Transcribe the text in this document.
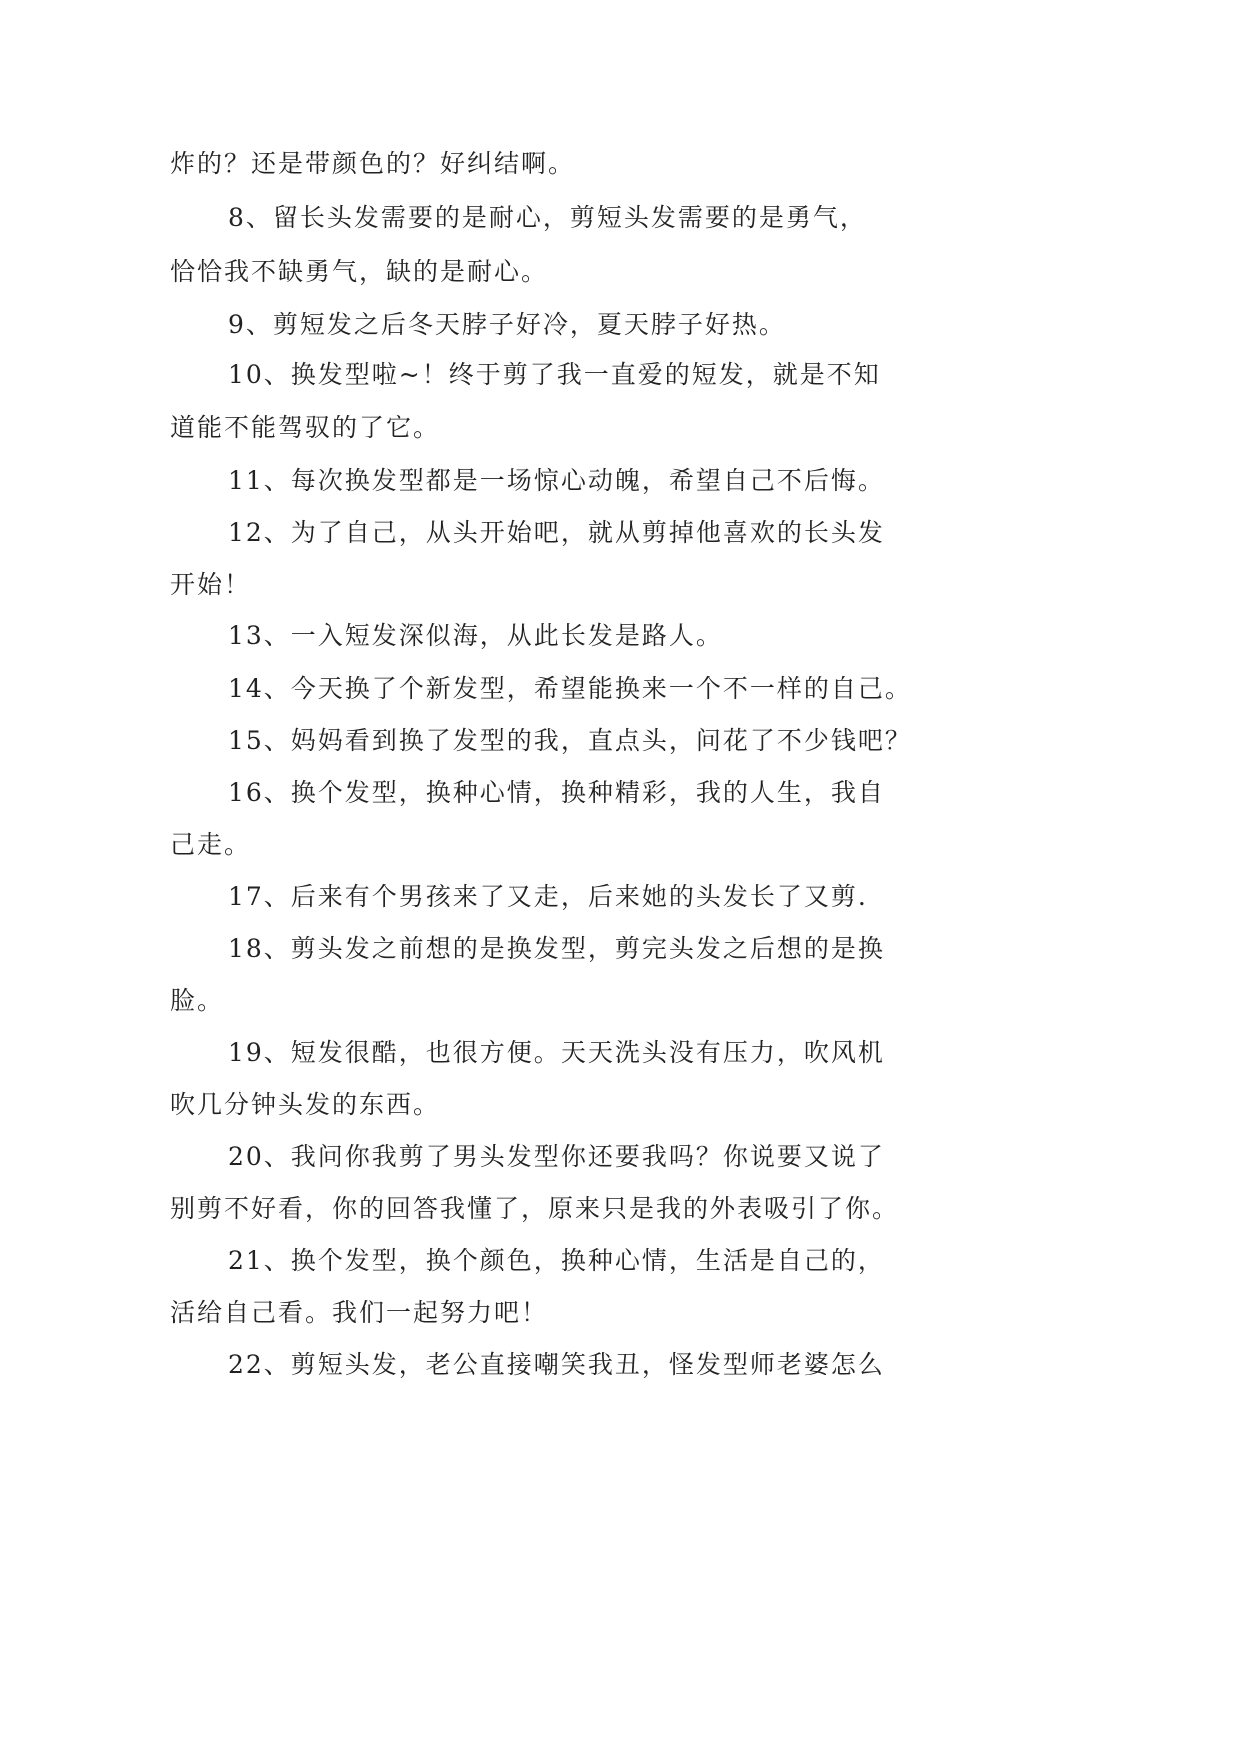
炸的？还是带颜色的？好纠结啊。
8、留长头发需要的是耐心，剪短头发需要的是勇气，
恰恰我不缺勇气，缺的是耐心。
9、剪短发之后冬天脖子好冷，夏天脖子好热。
10、换发型啦~！终于剪了我一直爱的短发，就是不知
道能不能驾驭的了它。
11、每次换发型都是一场惊心动魄，希望自己不后悔。
12、为了自己，从头开始吧，就从剪掉他喜欢的长头发
开始！
13、一入短发深似海，从此长发是路人。
14、今天换了个新发型，希望能换来一个不一样的自己。
15、妈妈看到换了发型的我，直点头，问花了不少钱吧？
16、换个发型，换种心情，换种精彩，我的人生，我自
己走。
17、后来有个男孩来了又走，后来她的头发长了又剪.
18、剪头发之前想的是换发型，剪完头发之后想的是换
脸。
19、短发很酷，也很方便。天天洗头没有压力，吹风机
吹几分钟头发的东西。
20、我问你我剪了男头发型你还要我吗？你说要又说了
别剪不好看，你的回答我懂了，原来只是我的外表吸引了你。
21、换个发型，换个颜色，换种心情，生活是自己的，
活给自己看。我们一起努力吧！
22、剪短头发，老公直接嘲笑我丑，怪发型师老婆怎么
